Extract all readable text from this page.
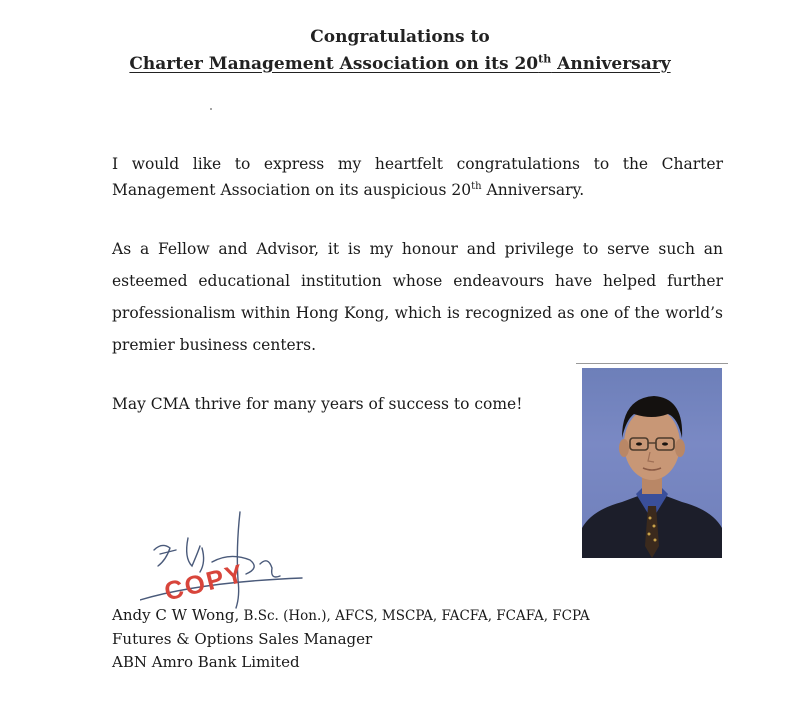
Congratulations to
Charter Management Association on its 20th Anniversary

I would like to express my heartfelt congratulations to the Charter Management Association on its auspicious 20th Anniversary.

As a Fellow and Advisor, it is my honour and privilege to serve such an esteemed educational institution whose endeavours have helped further professionalism within Hong Kong, which is recognized as one of the world’s premier business centers.

May CMA thrive for many years of success to come!

COPY

Andy C W Wong, B.Sc. (Hon.), AFCS, MSCPA, FACFA, FCAFA, FCPA

Futures & Options Sales Manager

ABN Amro Bank Limited
